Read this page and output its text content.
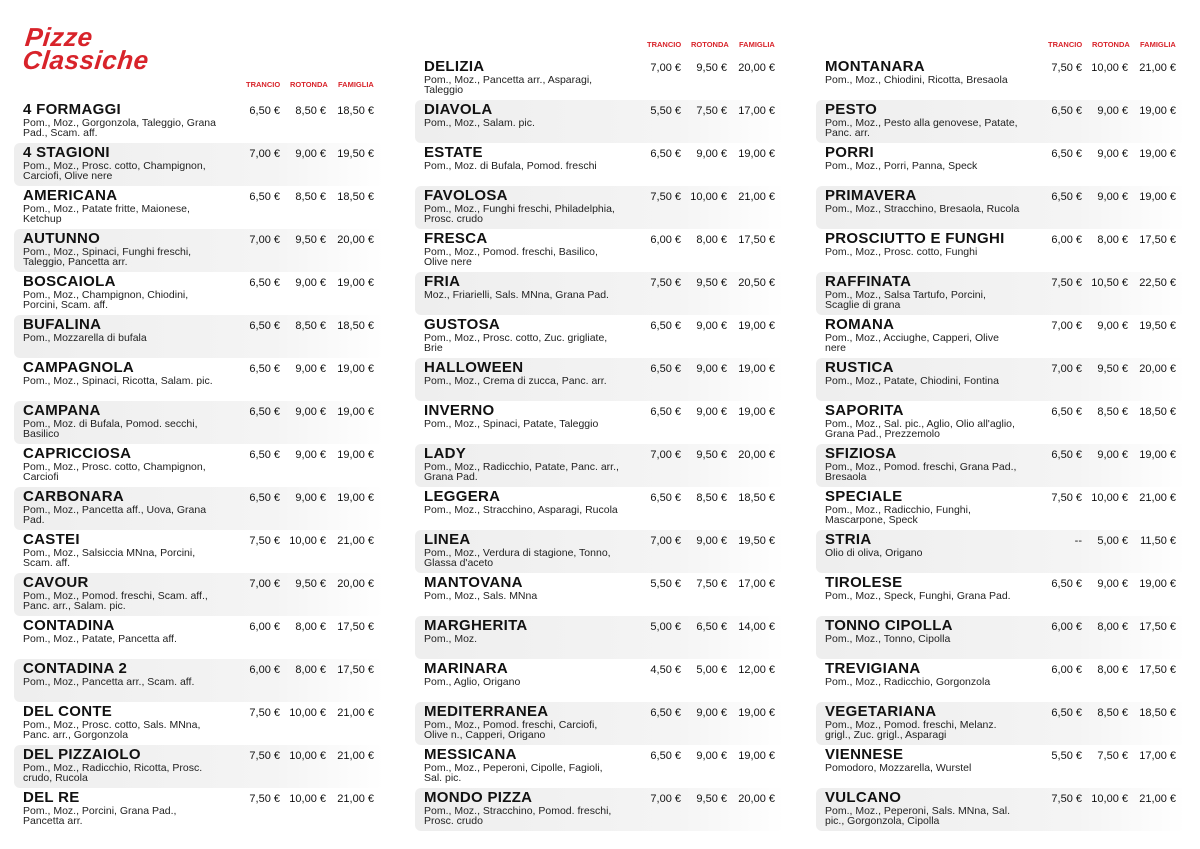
Pizze
Classiche
TRANCIO ROTONDA FAMIGLIA
TRANCIO ROTONDA FAMIGLIA	TRANCIO ROTONDA FAMIGLIA
4 FORMAGGI
Pom., Moz., Gorgonzola, Taleggio, Grana Pad., Scam. aff.
6,50 €	8,50 €	18,50 €
4 STAGIONI
Pom., Moz., Prosc. cotto, Champignon, Carciofi, Olive nere
7,00 €	9,00 €	19,50 €
AMERICANA
Pom., Moz., Patate fritte, Maionese, Ketchup
6,50 €	8,50 €	18,50 €
AUTUNNO
Pom., Moz., Spinaci, Funghi freschi, Taleggio, Pancetta arr.
7,00 €	9,50 €	20,00 €
BOSCAIOLA
Pom., Moz., Champignon, Chiodini, Porcini, Scam. aff.
6,50 €	9,00 €	19,00 €
BUFALINA
Pom., Mozzarella di bufala
6,50 €	8,50 €	18,50 €
CAMPAGNOLA
Pom., Moz., Spinaci, Ricotta, Salam. pic.
6,50 €	9,00 €	19,00 €
CAMPANA
Pom., Moz. di Bufala, Pomod. secchi, Basilico
6,50 €	9,00 €	19,00 €
CAPRICCIOSA
Pom., Moz., Prosc. cotto, Champignon, Carciofi
6,50 €	9,00 €	19,00 €
CARBONARA
Pom., Moz., Pancetta aff., Uova, Grana Pad.
6,50 €	9,00 €	19,00 €
CASTEI
Pom., Moz., Salsiccia MNna, Porcini, Scam. aff.
7,50 € 10,00 €	21,00 €
CAVOUR
Pom., Moz., Pomod. freschi, Scam. aff., Panc. arr., Salam. pic.
7,00 €	9,50 €	20,00 €
CONTADINA
Pom., Moz., Patate, Pancetta aff.
6,00 €	8,00 €	17,50 €
CONTADINA 2
Pom., Moz., Pancetta arr., Scam. aff.
6,00 €	8,00 €	17,50 €
DEL CONTE
Pom., Moz., Prosc. cotto, Sals. MNna, Panc. arr., Gorgonzola
7,50 € 10,00 €	21,00 €
DEL PIZZAIOLO
Pom., Moz., Radicchio, Ricotta, Prosc. crudo, Rucola
7,50 € 10,00 €	21,00 €
DEL RE
Pom., Moz., Porcini, Grana Pad., Pancetta arr.
7,50 € 10,00 €	21,00 €
DELIZIA
Pom., Moz., Pancetta arr., Asparagi, Taleggio
7,00 €	9,50 €	20,00 €
DIAVOLA
Pom., Moz., Salam. pic.
5,50 €	7,50 €	17,00 €
ESTATE
Pom., Moz. di Bufala, Pomod. freschi
6,50 €	9,00 €	19,00 €
FAVOLOSA
Pom., Moz., Funghi freschi, Philadelphia, Prosc. crudo
7,50 € 10,00 €	21,00 €
FRESCA
Pom., Moz., Pomod. freschi, Basilico, Olive nere
6,00 €	8,00 €	17,50 €
FRIA
Moz., Friarielli, Sals. MNna, Grana Pad.
7,50 €	9,50 €	20,50 €
GUSTOSA
Pom., Moz., Prosc. cotto, Zuc. grigliate, Brie
6,50 €	9,00 €	19,00 €
HALLOWEEN
Pom., Moz., Crema di zucca, Panc. arr.
6,50 €	9,00 €	19,00 €
INVERNO
Pom., Moz., Spinaci, Patate, Taleggio
6,50 €	9,00 €	19,00 €
LADY
Pom., Moz., Radicchio, Patate, Panc. arr., Grana Pad.
7,00 €	9,50 €	20,00 €
LEGGERA
Pom., Moz., Stracchino, Asparagi, Rucola
6,50 €	8,50 €	18,50 €
LINEA
Pom., Moz., Verdura di stagione, Tonno, Glassa d'aceto
7,00 €	9,00 €	19,50 €
MANTOVANA
Pom., Moz., Sals. MNna
5,50 €	7,50 €	17,00 €
MARGHERITA
Pom., Moz.
5,00 €	6,50 €	14,00 €
MARINARA
Pom., Aglio, Origano
4,50 €	5,00 €	12,00 €
MEDITERRANEA
Pom., Moz., Pomod. freschi, Carciofi, Olive n., Capperi, Origano
6,50 €	9,00 €	19,00 €
MESSICANA
Pom., Moz., Peperoni, Cipolle, Fagioli, Sal. pic.
6,50 €	9,00 €	19,00 €
MONDO PIZZA
Pom., Moz., Stracchino, Pomod. freschi, Prosc. crudo
7,00 €	9,50 €	20,00 €
MONTANARA
Pom., Moz., Chiodini, Ricotta, Bresaola
7,50 € 10,00 €	21,00 €
PESTO
Pom., Moz., Pesto alla genovese, Patate, Panc. arr.
6,50 €	9,00 €	19,00 €
PORRI
Pom., Moz., Porri, Panna, Speck
6,50 €	9,00 €	19,00 €
PRIMAVERA
Pom., Moz., Stracchino, Bresaola, Rucola
6,50 €	9,00 €	19,00 €
PROSCIUTTO E FUNGHI
Pom., Moz., Prosc. cotto, Funghi
6,00 €	8,00 €	17,50 €
RAFFINATA
Pom., Moz., Salsa Tartufo, Porcini, Scaglie di grana
7,50 € 10,50 €	22,50 €
ROMANA
Pom., Moz., Acciughe, Capperi, Olive nere
7,00 €	9,00 €	19,50 €
RUSTICA
Pom., Moz., Patate, Chiodini, Fontina
7,00 €	9,50 €	20,00 €
SAPORITA
Pom., Moz., Sal. pic., Aglio, Olio all'aglio, Grana Pad., Prezzemolo
6,50 €	8,50 €	18,50 €
SFIZIOSA
Pom., Moz., Pomod. freschi, Grana Pad., Bresaola
6,50 €	9,00 €	19,00 €
SPECIALE
Pom., Moz., Radicchio, Funghi, Mascarpone, Speck
7,50 € 10,00 €	21,00 €
STRIA
Olio di oliva, Origano
--	5,00 €	11,50 €
TIROLESE
Pom., Moz., Speck, Funghi, Grana Pad.
6,50 €	9,00 €	19,00 €
TONNO CIPOLLA
Pom., Moz., Tonno, Cipolla
6,00 €	8,00 €	17,50 €
TREVIGIANA
Pom., Moz., Radicchio, Gorgonzola
6,00 €	8,00 €	17,50 €
VEGETARIANA
Pom., Moz., Pomod. freschi, Melanz. grigl., Zuc. grigl., Asparagi
6,50 €	8,50 €	18,50 €
VIENNESE
Pomodoro, Mozzarella, Wurstel
5,50 €	7,50 €	17,00 €
VULCANO
Pom., Moz., Peperoni, Sals. MNna, Sal. pic., Gorgonzola, Cipolla
7,50 € 10,00 €	21,00 €
